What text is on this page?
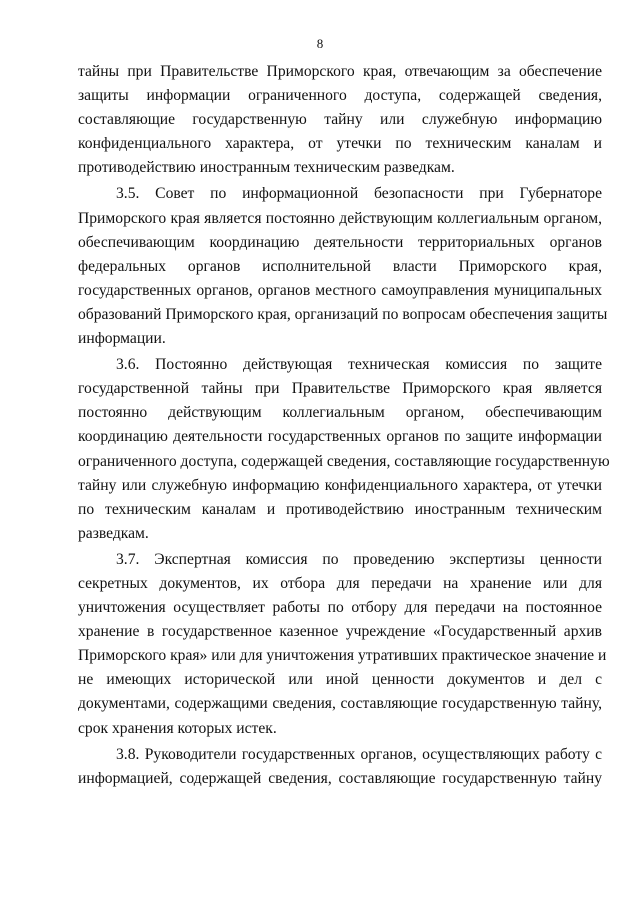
8
тайны при Правительстве Приморского края, отвечающим за обеспечение
защиты информации ограниченного доступа, содержащей сведения,
составляющие государственную тайну или служебную информацию
конфиденциального характера, от утечки по техническим каналам и
противодействию иностранным техническим разведкам.
3.5. Совет по информационной безопасности при Губернаторе
Приморского края является постоянно действующим коллегиальным органом,
обеспечивающим координацию деятельности территориальных органов
федеральных органов исполнительной власти Приморского края,
государственных органов, органов местного самоуправления муниципальных
образований Приморского края, организаций по вопросам обеспечения защиты
информации.
3.6. Постоянно действующая техническая комиссия по защите
государственной тайны при Правительстве Приморского края является
постоянно действующим коллегиальным органом, обеспечивающим
координацию деятельности государственных органов по защите информации
ограниченного доступа, содержащей сведения, составляющие государственную
тайну или служебную информацию конфиденциального характера, от утечки
по техническим каналам и противодействию иностранным техническим
разведкам.
3.7. Экспертная комиссия по проведению экспертизы ценности
секретных документов, их отбора для передачи на хранение или для
уничтожения осуществляет работы по отбору для передачи на постоянное
хранение в государственное казенное учреждение «Государственный архив
Приморского края» или для уничтожения утративших практическое значение и
не имеющих исторической или иной ценности документов и дел с
документами, содержащими сведения, составляющие государственную тайну,
срок хранения которых истек.
3.8. Руководители государственных органов, осуществляющих работу с
информацией, содержащей сведения, составляющие государственную тайну
